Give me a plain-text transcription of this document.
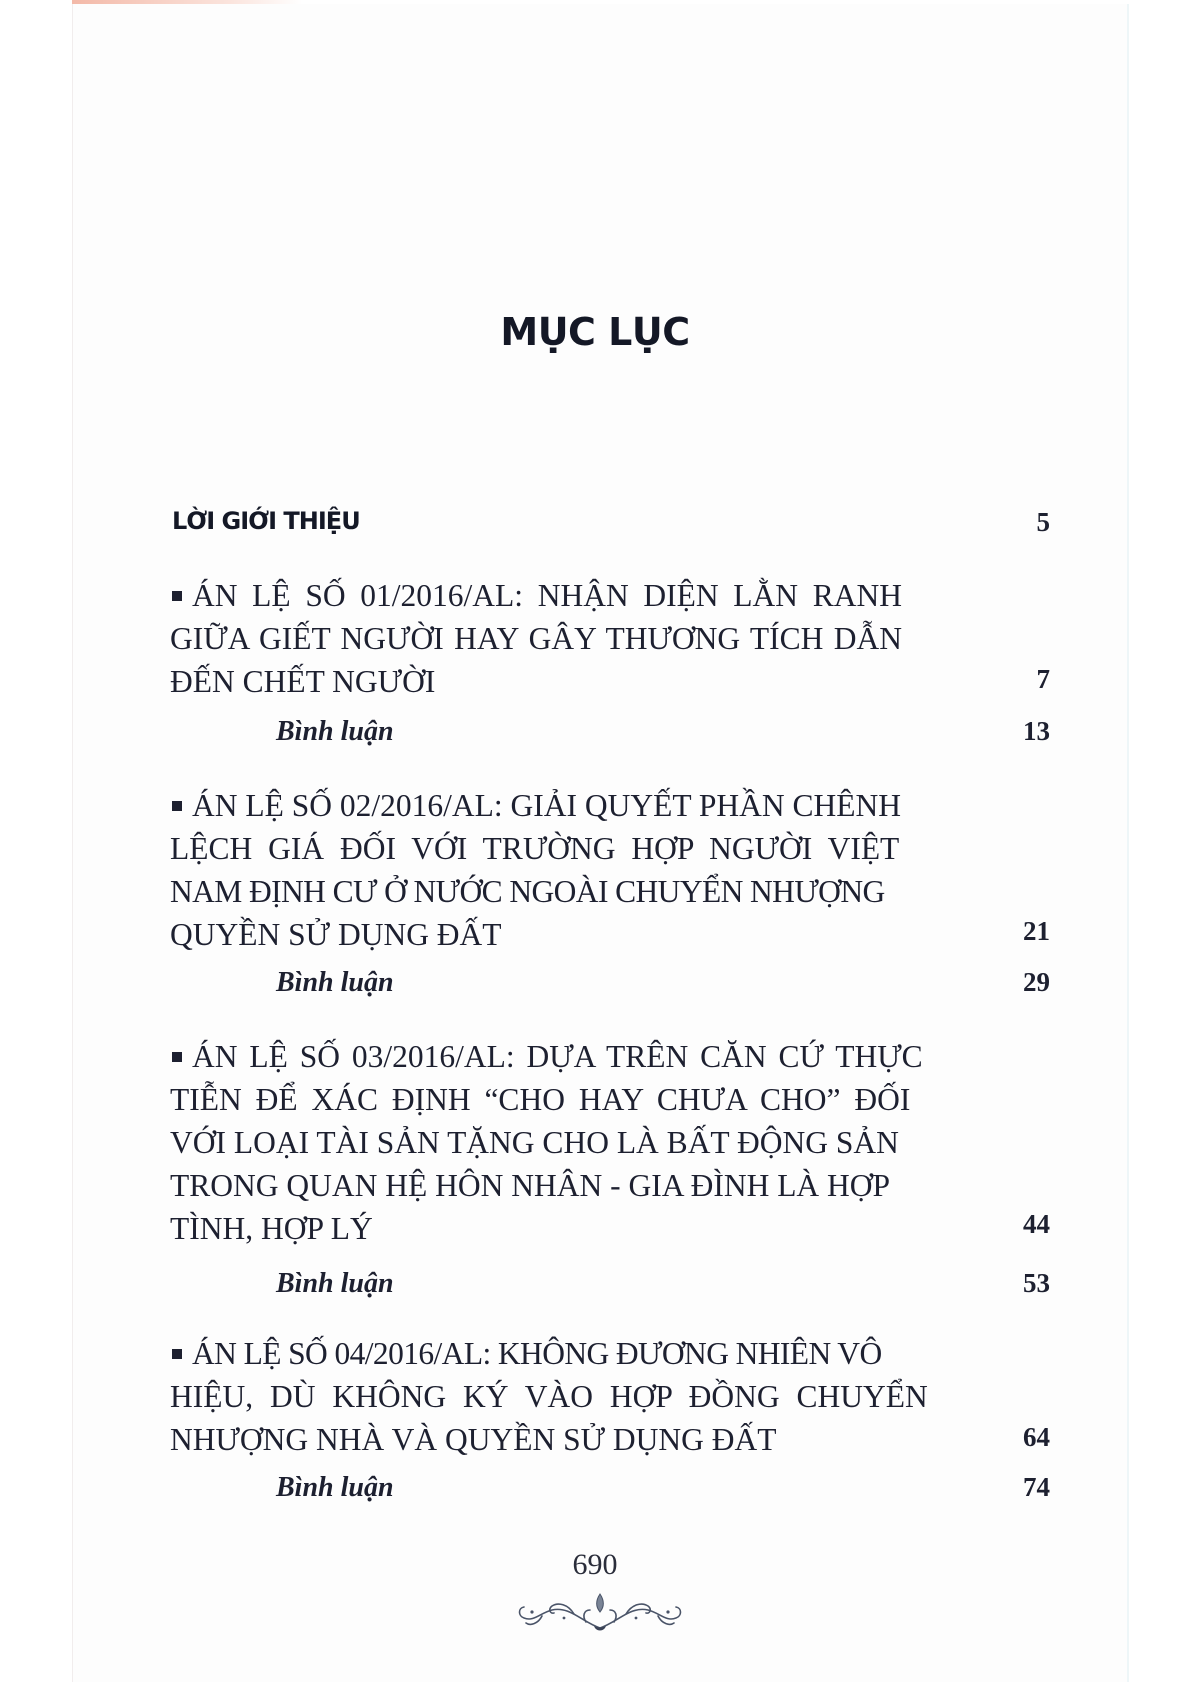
MỤC LỤC
LỜI GIỚI THIỆU	5
ÁN LỆ SỐ 01/2016/AL: NHẬN DIỆN LẰN RANH
GIỮA GIẾT NGƯỜI HAY GÂY THƯƠNG TÍCH DẪN
ĐẾN CHẾT NGƯỜI	7
Bình luận	13
ÁN LỆ SỐ 02/2016/AL: GIẢI QUYẾT PHẦN CHÊNH
LỆCH GIÁ ĐỐI VỚI TRƯỜNG HỢP NGƯỜI VIỆT
NAM ĐỊNH CƯ Ở NƯỚC NGOÀI CHUYỂN NHƯỢNG
QUYỀN SỬ DỤNG ĐẤT	21
Bình luận	29
ÁN LỆ SỐ 03/2016/AL: DỰA TRÊN CĂN CỨ THỰC
TIỄN ĐỂ XÁC ĐỊNH “CHO HAY CHƯA CHO” ĐỐI
VỚI LOẠI TÀI SẢN TẶNG CHO LÀ BẤT ĐỘNG SẢN
TRONG QUAN HỆ HÔN NHÂN - GIA ĐÌNH LÀ HỢP
TÌNH, HỢP LÝ	44
Bình luận	53
ÁN LỆ SỐ 04/2016/AL: KHÔNG ĐƯƠNG NHIÊN VÔ
HIỆU, DÙ KHÔNG KÝ VÀO HỢP ĐỒNG CHUYỂN
NHƯỢNG NHÀ VÀ QUYỀN SỬ DỤNG ĐẤT	64
Bình luận	74
690
